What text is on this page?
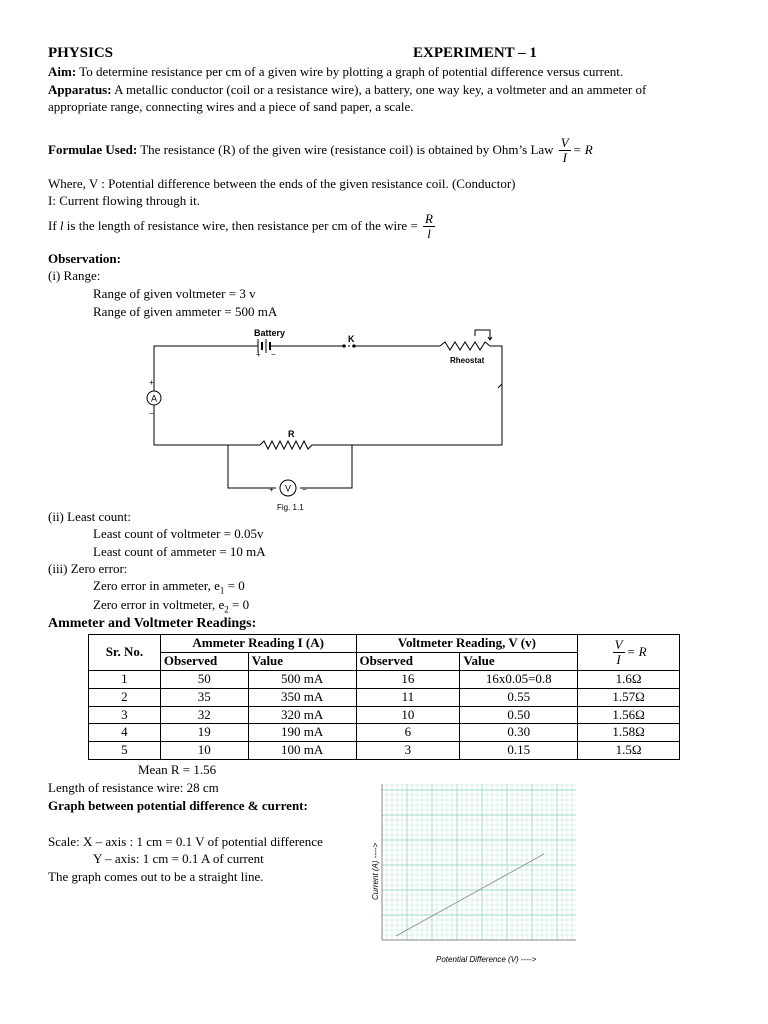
PHYSICS	EXPERIMENT – 1
Aim: To determine resistance per cm of a given wire by plotting a graph of potential difference versus current.
Apparatus: A metallic conductor (coil or a resistance wire), a battery, one way key, a voltmeter and an ammeter of
appropriate range, connecting wires and a piece of sand paper, a scale.
Formulae Used: The resistance (R) of the given wire (resistance coil) is obtained by Ohm’s Law $\frac{V}{I} = R$
Where, V : Potential difference between the ends of the given resistance coil. (Conductor)
I: Current flowing through it.
If l is the length of resistance wire, then resistance per cm of the wire = $\frac{R}{l}$
Observation:
(i) Range:
Range of given voltmeter = 3 v
Range of given ammeter = 500 mA
A
+
−
V
+	−
Battery
+ −
K
Rheostat
R
Fig. 1.1
(ii) Least count:
Least count of voltmeter = 0.05v
Least count of ammeter = 10 mA
(iii) Zero error:
Zero error in ammeter, $e_1 = 0$
Zero error in voltmeter, $e_2 = 0$
Ammeter and Voltmeter Readings:
Sr. No.	Ammeter Reading I (A)		Voltmeter Reading, V (v)		$\frac{V}{I} = R$
	Observed	Value	Observed	Value	
1	50	500 mA	16	16x0.05=0.8	1.6Ω
2	35	350 mA	11	0.55	1.57Ω
3	32	320 mA	10	0.50	1.56Ω
4	19	190 mA	6	0.30	1.58Ω
5	10	100 mA	3	0.15	1.5Ω
Mean R = 1.56
Length of resistance wire: 28 cm
Graph between potential difference & current:
Scale: X – axis : 1 cm = 0.1 V of potential difference
Y – axis: 1 cm = 0.1 A of current
The graph comes out to be a straight line.
Potential Difference (V) ---->
Current (A) ---->
